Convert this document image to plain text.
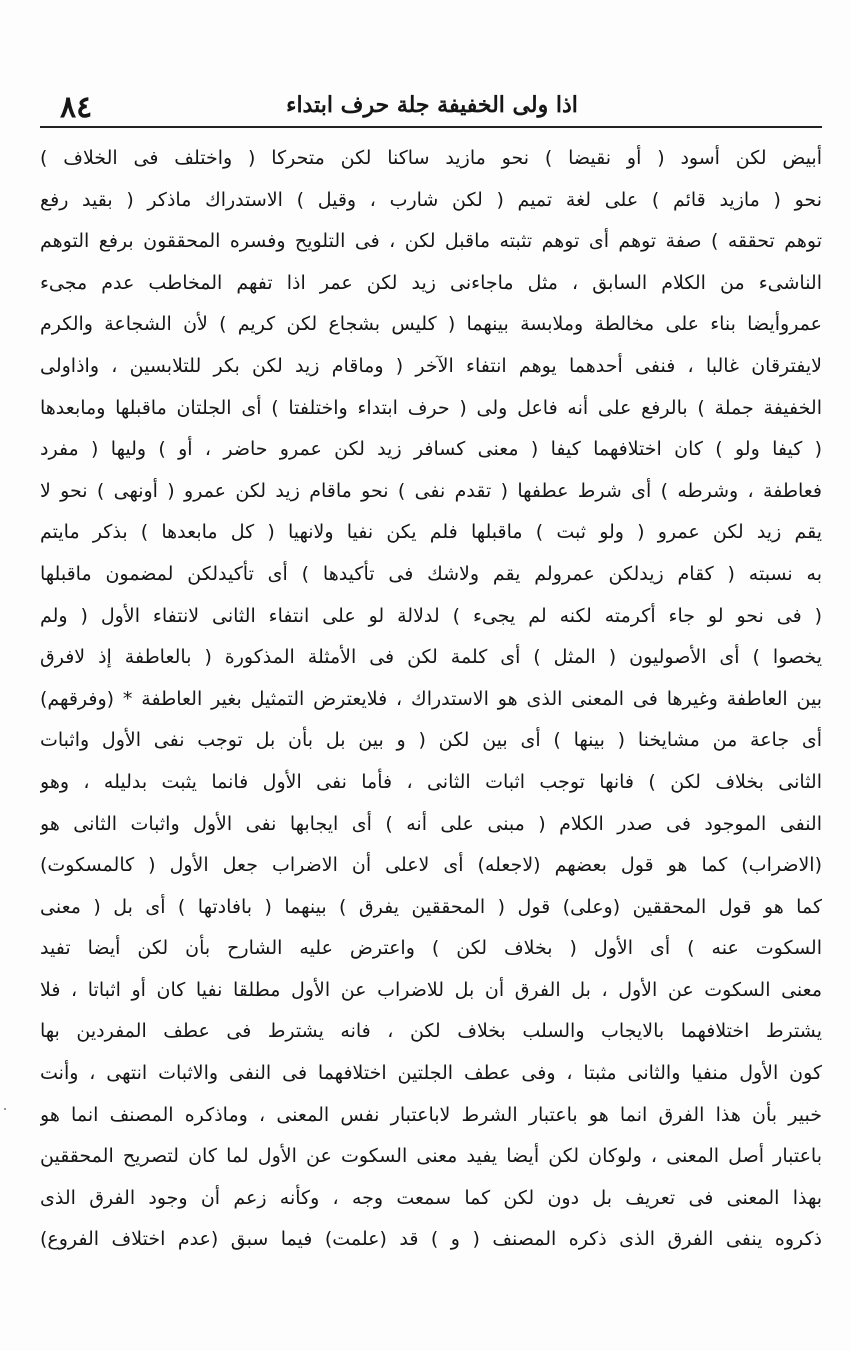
٨٤	اذا ولى الخفيفة جلة حرف ابتداء
أبيض لكن أسود ( أو نقيضا ) نحو مازيد ساكنا لكن متحركا ( واختلف فى الخلاف )
نحو ( مازيد قائم ) على لغة تميم ( لكن شارب ، وقيل ) الاستدراك ماذكر ( بقيد رفع
توهم تحققه ) صفة توهم أى توهم تثبته ماقبل لكن ، فى التلويح وفسره المحققون برفع التوهم
الناشىء من الكلام السابق ، مثل ماجاءنى زيد لكن عمر اذا تفهم المخاطب عدم مجىء
عمروأيضا بناء على مخالطة وملابسة بينهما ( كليس بشجاع لكن كريم ) لأن الشجاعة والكرم
لايفترقان غالبا ، فنفى أحدهما يوهم انتفاء الآخر ( وماقام زيد لكن بكر للتلابسين ، واذاولى
الخفيفة جملة ) بالرفع على أنه فاعل ولى ( حرف ابتداء واختلفتا ) أى الجلتان ماقبلها ومابعدها
( كيفا ولو ) كان اختلافهما كيفا ( معنى كسافر زيد لكن عمرو حاضر ، أو ) وليها ( مفرد
فعاطفة ، وشرطه ) أى شرط عطفها ( تقدم نفى ) نحو ماقام زيد لكن عمرو ( أونهى ) نحو لا
يقم زيد لكن عمرو ( ولو ثبت ) ماقبلها فلم يكن نفيا ولانهيا ( كل مابعدها ) بذكر مايتم
به نسبته ( كقام زيدلكن عمرولم يقم ولاشك فى تأكيدها ) أى تأكيدلكن لمضمون ماقبلها
( فى نحو لو جاء أكرمته لكنه لم يجىء ) لدلالة لو على انتفاء الثانى لانتفاء الأول ( ولم
يخصوا ) أى الأصوليون ( المثل ) أى كلمة لكن فى الأمثلة المذكورة ( بالعاطفة إذ لافرق
بين العاطفة وغيرها فى المعنى الذى هو الاستدراك ، فلايعترض التمثيل بغير العاطفة * (وفرقهم)
أى جاعة من مشايخنا ( بينها ) أى بين لكن ( و بين بل بأن بل توجب نفى الأول واثبات
الثانى بخلاف لكن ) فانها توجب اثبات الثانى ، فأما نفى الأول فانما يثبت بدليله ، وهو
النفى الموجود فى صدر الكلام ( مبنى على أنه ) أى ايجابها نفى الأول واثبات الثانى هو
(الاضراب) كما هو قول بعضهم (لاجعله) أى لاعلى أن الاضراب جعل الأول ( كالمسكوت)
كما هو قول المحققين (وعلى) قول ( المحققين يفرق ) بينهما ( بافادتها ) أى بل ( معنى
السكوت عنه ) أى الأول ( بخلاف لكن ) واعترض عليه الشارح بأن لكن أيضا تفيد
معنى السكوت عن الأول ، بل الفرق أن بل للاضراب عن الأول مطلقا نفيا كان أو اثباتا ، فلا
يشترط اختلافهما بالايجاب والسلب بخلاف لكن ، فانه يشترط فى عطف المفردين بها
كون الأول منفيا والثانى مثبتا ، وفى عطف الجلتين اختلافهما فى النفى والاثبات انتهى ، وأنت
خبير بأن هذا الفرق انما هو باعتبار الشرط لاباعتبار نفس المعنى ، وماذكره المصنف انما هو
باعتبار أصل المعنى ، ولوكان لكن أيضا يفيد معنى السكوت عن الأول لما كان لتصريح المحققين
بهذا المعنى فى تعريف بل دون لكن كما سمعت وجه ، وكأنه زعم أن وجود الفرق الذى
ذكروه ينفى الفرق الذى ذكره المصنف ( و ) قد (علمت) فيما سبق (عدم اختلاف الفروع)
